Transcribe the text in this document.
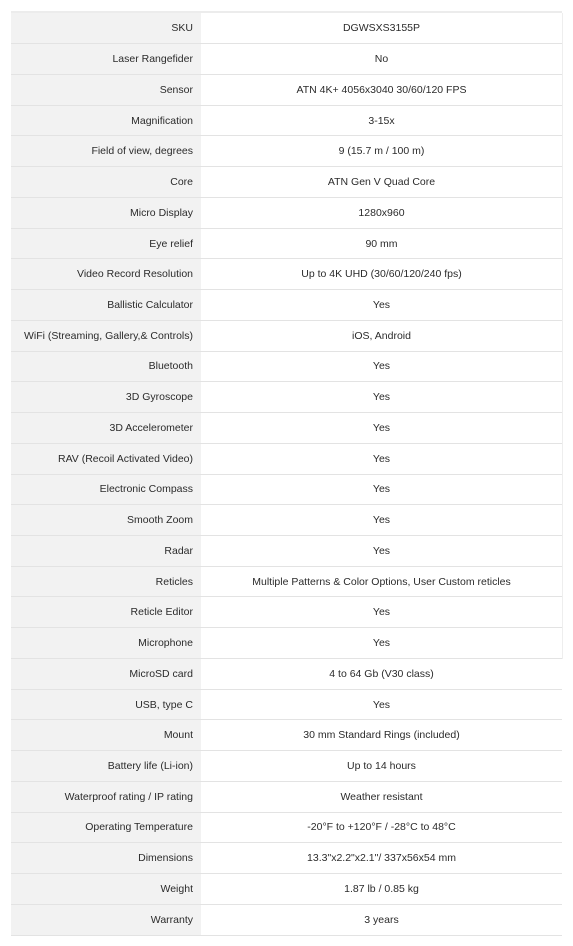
SKU	DGWSXS3155P
Laser Rangefider	No
Sensor	ATN 4K+ 4056x3040 30/60/120 FPS
Magnification	3-15x
Field of view, degrees	9 (15.7 m / 100 m)
Core	ATN Gen V Quad Core
Micro Display	1280x960
Eye relief	90 mm
Video Record Resolution	Up to 4K UHD (30/60/120/240 fps)
Ballistic Calculator	Yes
WiFi (Streaming, Gallery,& Controls)	iOS, Android
Bluetooth	Yes
3D Gyroscope	Yes
3D Accelerometer	Yes
RAV (Recoil Activated Video)	Yes
Electronic Compass	Yes
Smooth Zoom	Yes
Radar	Yes
Reticles	Multiple Patterns & Color Options, User Custom reticles
Reticle Editor	Yes
Microphone	Yes
MicroSD card	4 to 64 Gb (V30 class)
USB, type C	Yes
Mount	30 mm Standard Rings (included)
Battery life (Li-ion)	Up to 14 hours
Waterproof rating / IP rating	Weather resistant
Operating Temperature	-20°F to +120°F / -28°C to 48°C
Dimensions	13.3"x2.2"x2.1"/ 337x56x54 mm
Weight	1.87 lb / 0.85 kg
Warranty	3 years
